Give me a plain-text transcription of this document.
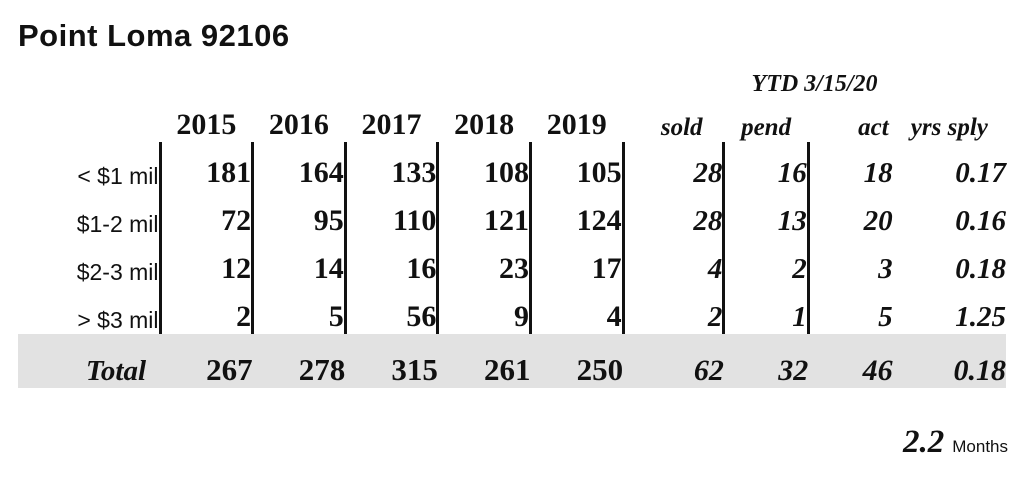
Point Loma 92106
						YTD 3/15/20				
	2015	2016	2017	2018	2019		sold	pend	act	yrs sply
< $1 mil	181	164	133	108	105		28	16	18	0.17
$1-2 mil	72	95	110	121	124		28	13	20	0.16
$2-3 mil	12	14	16	23	17		4	2	3	0.18
> $3 mil	2	5	56	9	4		2	1	5	1.25
Total	267	278	315	261	250		62	32	46	0.18
2.2 Months
